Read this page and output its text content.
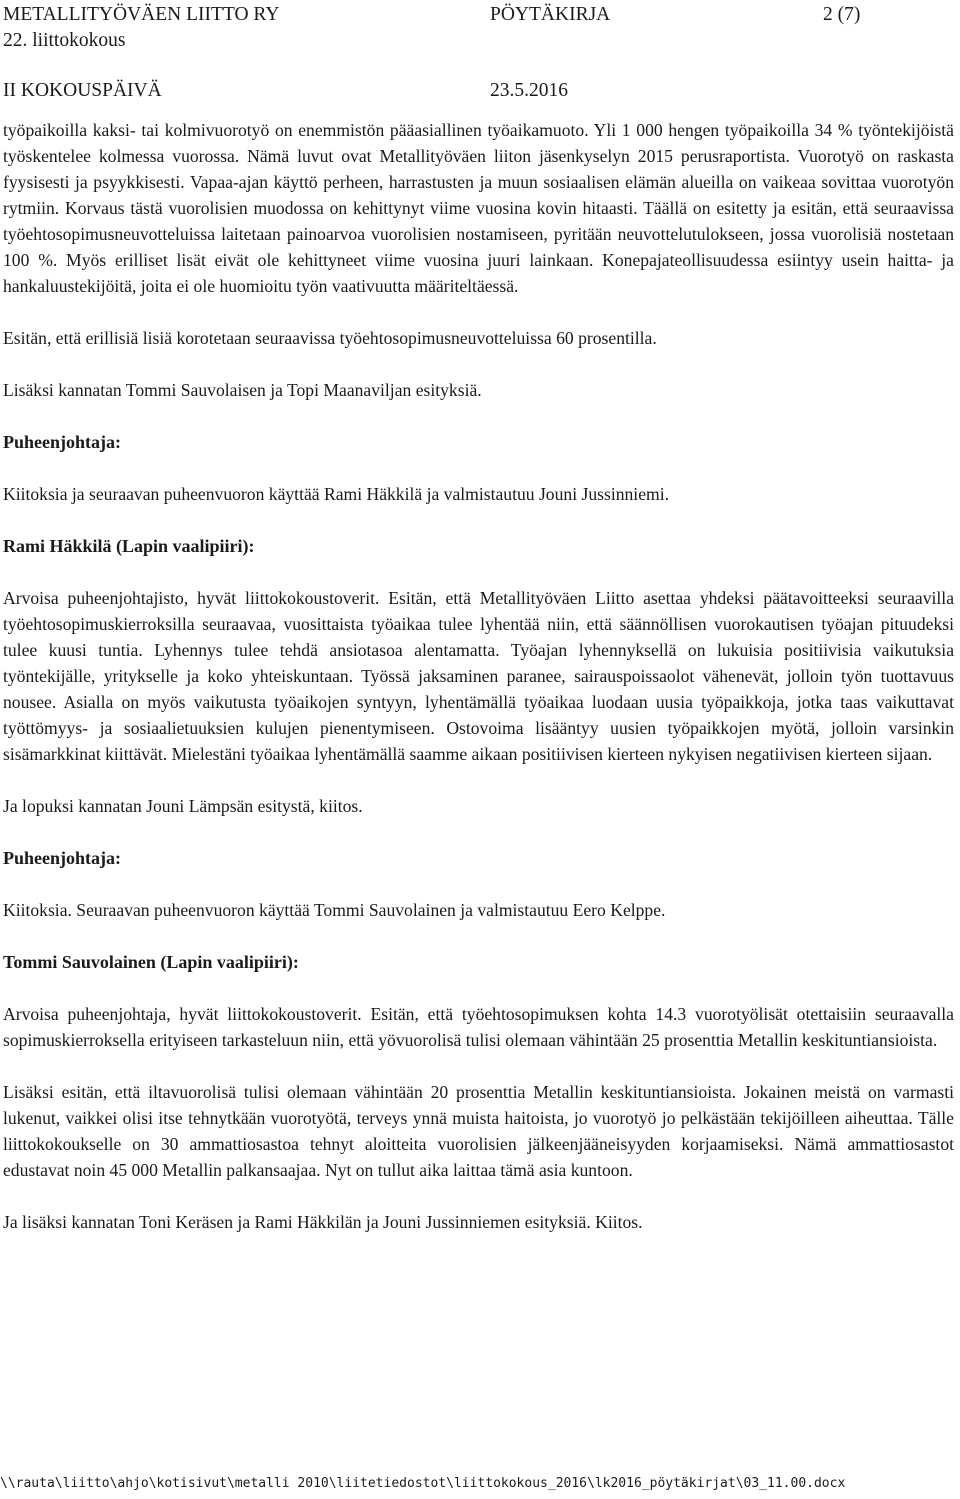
METALLITYÖVÄEN LIITTO RY	PÖYTÄKIRJA	2 (7)
22. liittokokous
II KOKOUSPÄIVÄ	23.5.2016

työpaikoilla kaksi- tai kolmivuorotyö on enemmistön pääasiallinen työaikamuoto. Yli 1 000 hengen työpaikoilla 34 % työntekijöistä työskentelee kolmessa vuorossa. Nämä luvut ovat Metallityöväen liiton jäsenkyselyn 2015 perusraportista. Vuorotyö on raskasta fyysisesti ja psyykkisesti. Vapaa-ajan käyttö perheen, harrastusten ja muun sosiaalisen elämän alueilla on vaikeaa sovittaa vuorotyön rytmiin. Korvaus tästä vuorolisien muodossa on kehittynyt viime vuosina kovin hitaasti. Täällä on esitetty ja esitän, että seuraavissa työehtosopimusneuvotteluissa laitetaan painoarvoa vuorolisien nostamiseen, pyritään neuvottelutulokseen, jossa vuorolisiä nostetaan 100 %. Myös erilliset lisät eivät ole kehittyneet viime vuosina juuri lainkaan. Konepajateollisuudessa esiintyy usein haitta- ja hankaluustekijöitä, joita ei ole huomioitu työn vaativuutta määriteltäessä.

Esitän, että erillisiä lisiä korotetaan seuraavissa työehtosopimusneuvotteluissa 60 prosentilla.

Lisäksi kannatan Tommi Sauvolaisen ja Topi Maanaviljan esityksiä.

Puheenjohtaja:

Kiitoksia ja seuraavan puheenvuoron käyttää Rami Häkkilä ja valmistautuu Jouni Jussinniemi.

Rami Häkkilä (Lapin vaalipiiri):

Arvoisa puheenjohtajisto, hyvät liittokokoustoverit. Esitän, että Metallityöväen Liitto asettaa yhdeksi päätavoitteeksi seuraavilla työehtosopimuskierroksilla seuraavaa, vuosittaista työaikaa tulee lyhentää niin, että säännöllisen vuorokautisen työajan pituudeksi tulee kuusi tuntia. Lyhennys tulee tehdä ansiotasoa alentamatta. Työajan lyhennyksellä on lukuisia positiivisia vaikutuksia työntekijälle, yritykselle ja koko yhteiskuntaan. Työssä jaksaminen paranee, sairauspoissaolot vähenevät, jolloin työn tuottavuus nousee. Asialla on myös vaikutusta työaikojen syntyyn, lyhentämällä työaikaa luodaan uusia työpaikkoja, jotka taas vaikuttavat työttömyys- ja sosiaalietuuksien kulujen pienentymiseen. Ostovoima lisääntyy uusien työpaikkojen myötä, jolloin varsinkin sisämarkkinat kiittävät. Mielestäni työaikaa lyhentämällä saamme aikaan positiivisen kierteen nykyisen negatiivisen kierteen sijaan.

Ja lopuksi kannatan Jouni Lämpsän esitystä, kiitos.

Puheenjohtaja:

Kiitoksia. Seuraavan puheenvuoron käyttää Tommi Sauvolainen ja valmistautuu Eero Kelppe.

Tommi Sauvolainen (Lapin vaalipiiri):

Arvoisa puheenjohtaja, hyvät liittokokoustoverit. Esitän, että työehtosopimuksen kohta 14.3 vuorotyölisät otettaisiin seuraavalla sopimuskierroksella erityiseen tarkasteluun niin, että yövuorolisä tulisi olemaan vähintään 25 prosenttia Metallin keskituntiansioista.

Lisäksi esitän, että iltavuorolisä tulisi olemaan vähintään 20 prosenttia Metallin keskituntiansioista. Jokainen meistä on varmasti lukenut, vaikkei olisi itse tehnytkään vuorotyötä, terveys ynnä muista haitoista, jo vuorotyö jo pelkästään tekijöilleen aiheuttaa. Tälle liittokokoukselle on 30 ammattiosastoa tehnyt aloitteita vuorolisien jälkeenjääneisyyden korjaamiseksi. Nämä ammattiosastot edustavat noin 45 000 Metallin palkansaajaa. Nyt on tullut aika laittaa tämä asia kuntoon.

Ja lisäksi kannatan Toni Keräsen ja Rami Häkkilän ja Jouni Jussinniemen esityksiä. Kiitos.

\\rauta\liitto\ahjo\kotisivut\metalli 2010\liitetiedostot\liittokokous_2016\lk2016_pöytäkirjat\03_11.00.docx
